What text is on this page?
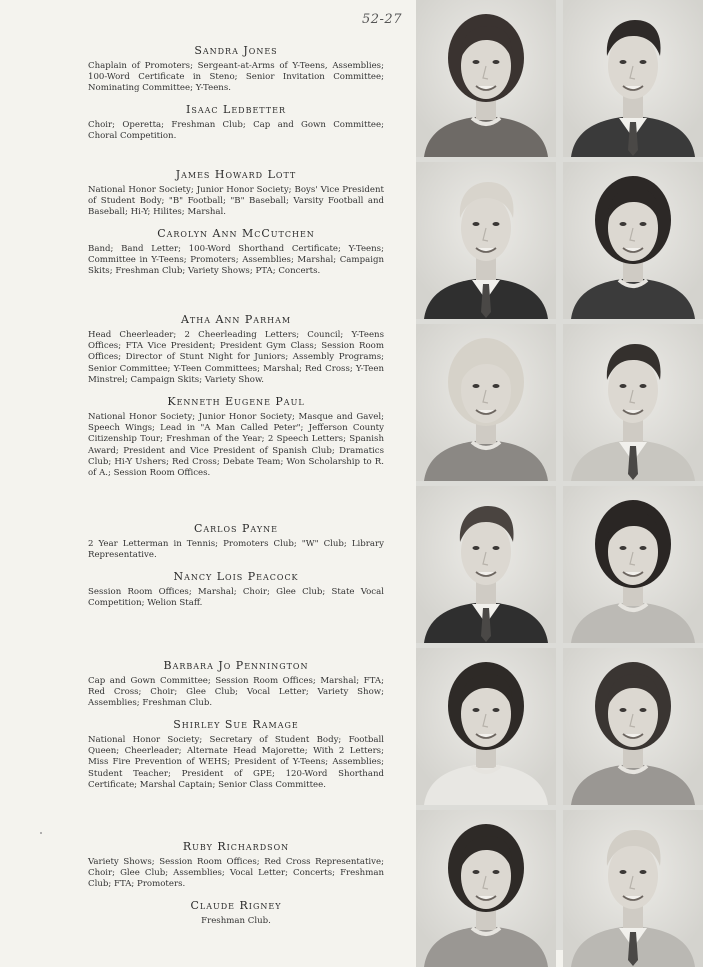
52-27

Sandra Jones

Chaplain of Promoters; Sergeant-at-Arms of Y-Teens, Assemblies; 100-Word Certificate in Steno; Senior Invitation Committee; Nominating Committee; Y-Teens.

Isaac Ledbetter

Choir; Operetta; Freshman Club; Cap and Gown Committee; Choral Competition.

James Howard Lott

National Honor Society; Junior Honor Society; Boys' Vice President of Student Body; "B" Football; "B" Baseball; Varsity Football and Baseball; Hi-Y; Hilites; Marshal.

Carolyn Ann McCutchen

Band; Band Letter; 100-Word Shorthand Certificate; Y-Teens; Committee in Y-Teens; Promoters; Assemblies; Marshal; Campaign Skits; Freshman Club; Variety Shows; PTA; Concerts.

Atha Ann Parham

Head Cheerleader; 2 Cheerleading Letters; Council; Y-Teens Offices; FTA Vice President; President Gym Class; Session Room Offices; Director of Stunt Night for Juniors; Assembly Programs; Senior Committee; Y-Teen Committees; Marshal; Red Cross; Y-Teen Minstrel; Campaign Skits; Variety Show.

Kenneth Eugene Paul

National Honor Society; Junior Honor Society; Masque and Gavel; Speech Wings; Lead in "A Man Called Peter"; Jefferson County Citizenship Tour; Freshman of the Year; 2 Speech Letters; Spanish Award; President and Vice President of Spanish Club; Dramatics Club; Hi-Y Ushers; Red Cross; Debate Team; Won Scholarship to R. of A.; Session Room Offices.

Carlos Payne

2 Year Letterman in Tennis; Promoters Club; "W" Club; Library Representative.

Nancy Lois Peacock

Session Room Offices; Marshal; Choir; Glee Club; State Vocal Competition; Welion Staff.

Barbara Jo Pennington

Cap and Gown Committee; Session Room Offices; Marshal; FTA; Red Cross; Choir; Glee Club; Vocal Letter; Variety Show; Assemblies; Freshman Club.

Shirley Sue Ramage

National Honor Society; Secretary of Student Body; Football Queen; Cheerleader; Alternate Head Majorette; With 2 Letters; Miss Fire Prevention of WEHS; President of Y-Teens; Assemblies; Student Teacher; President of GPE; 120-Word Shorthand Certificate; Marshal Captain; Senior Class Committee.

Ruby Richardson

Variety Shows; Session Room Offices; Red Cross Representative; Choir; Glee Club; Assemblies; Vocal Letter; Concerts; Freshman Club; FTA; Promoters.

Claude Rigney

Freshman Club.
